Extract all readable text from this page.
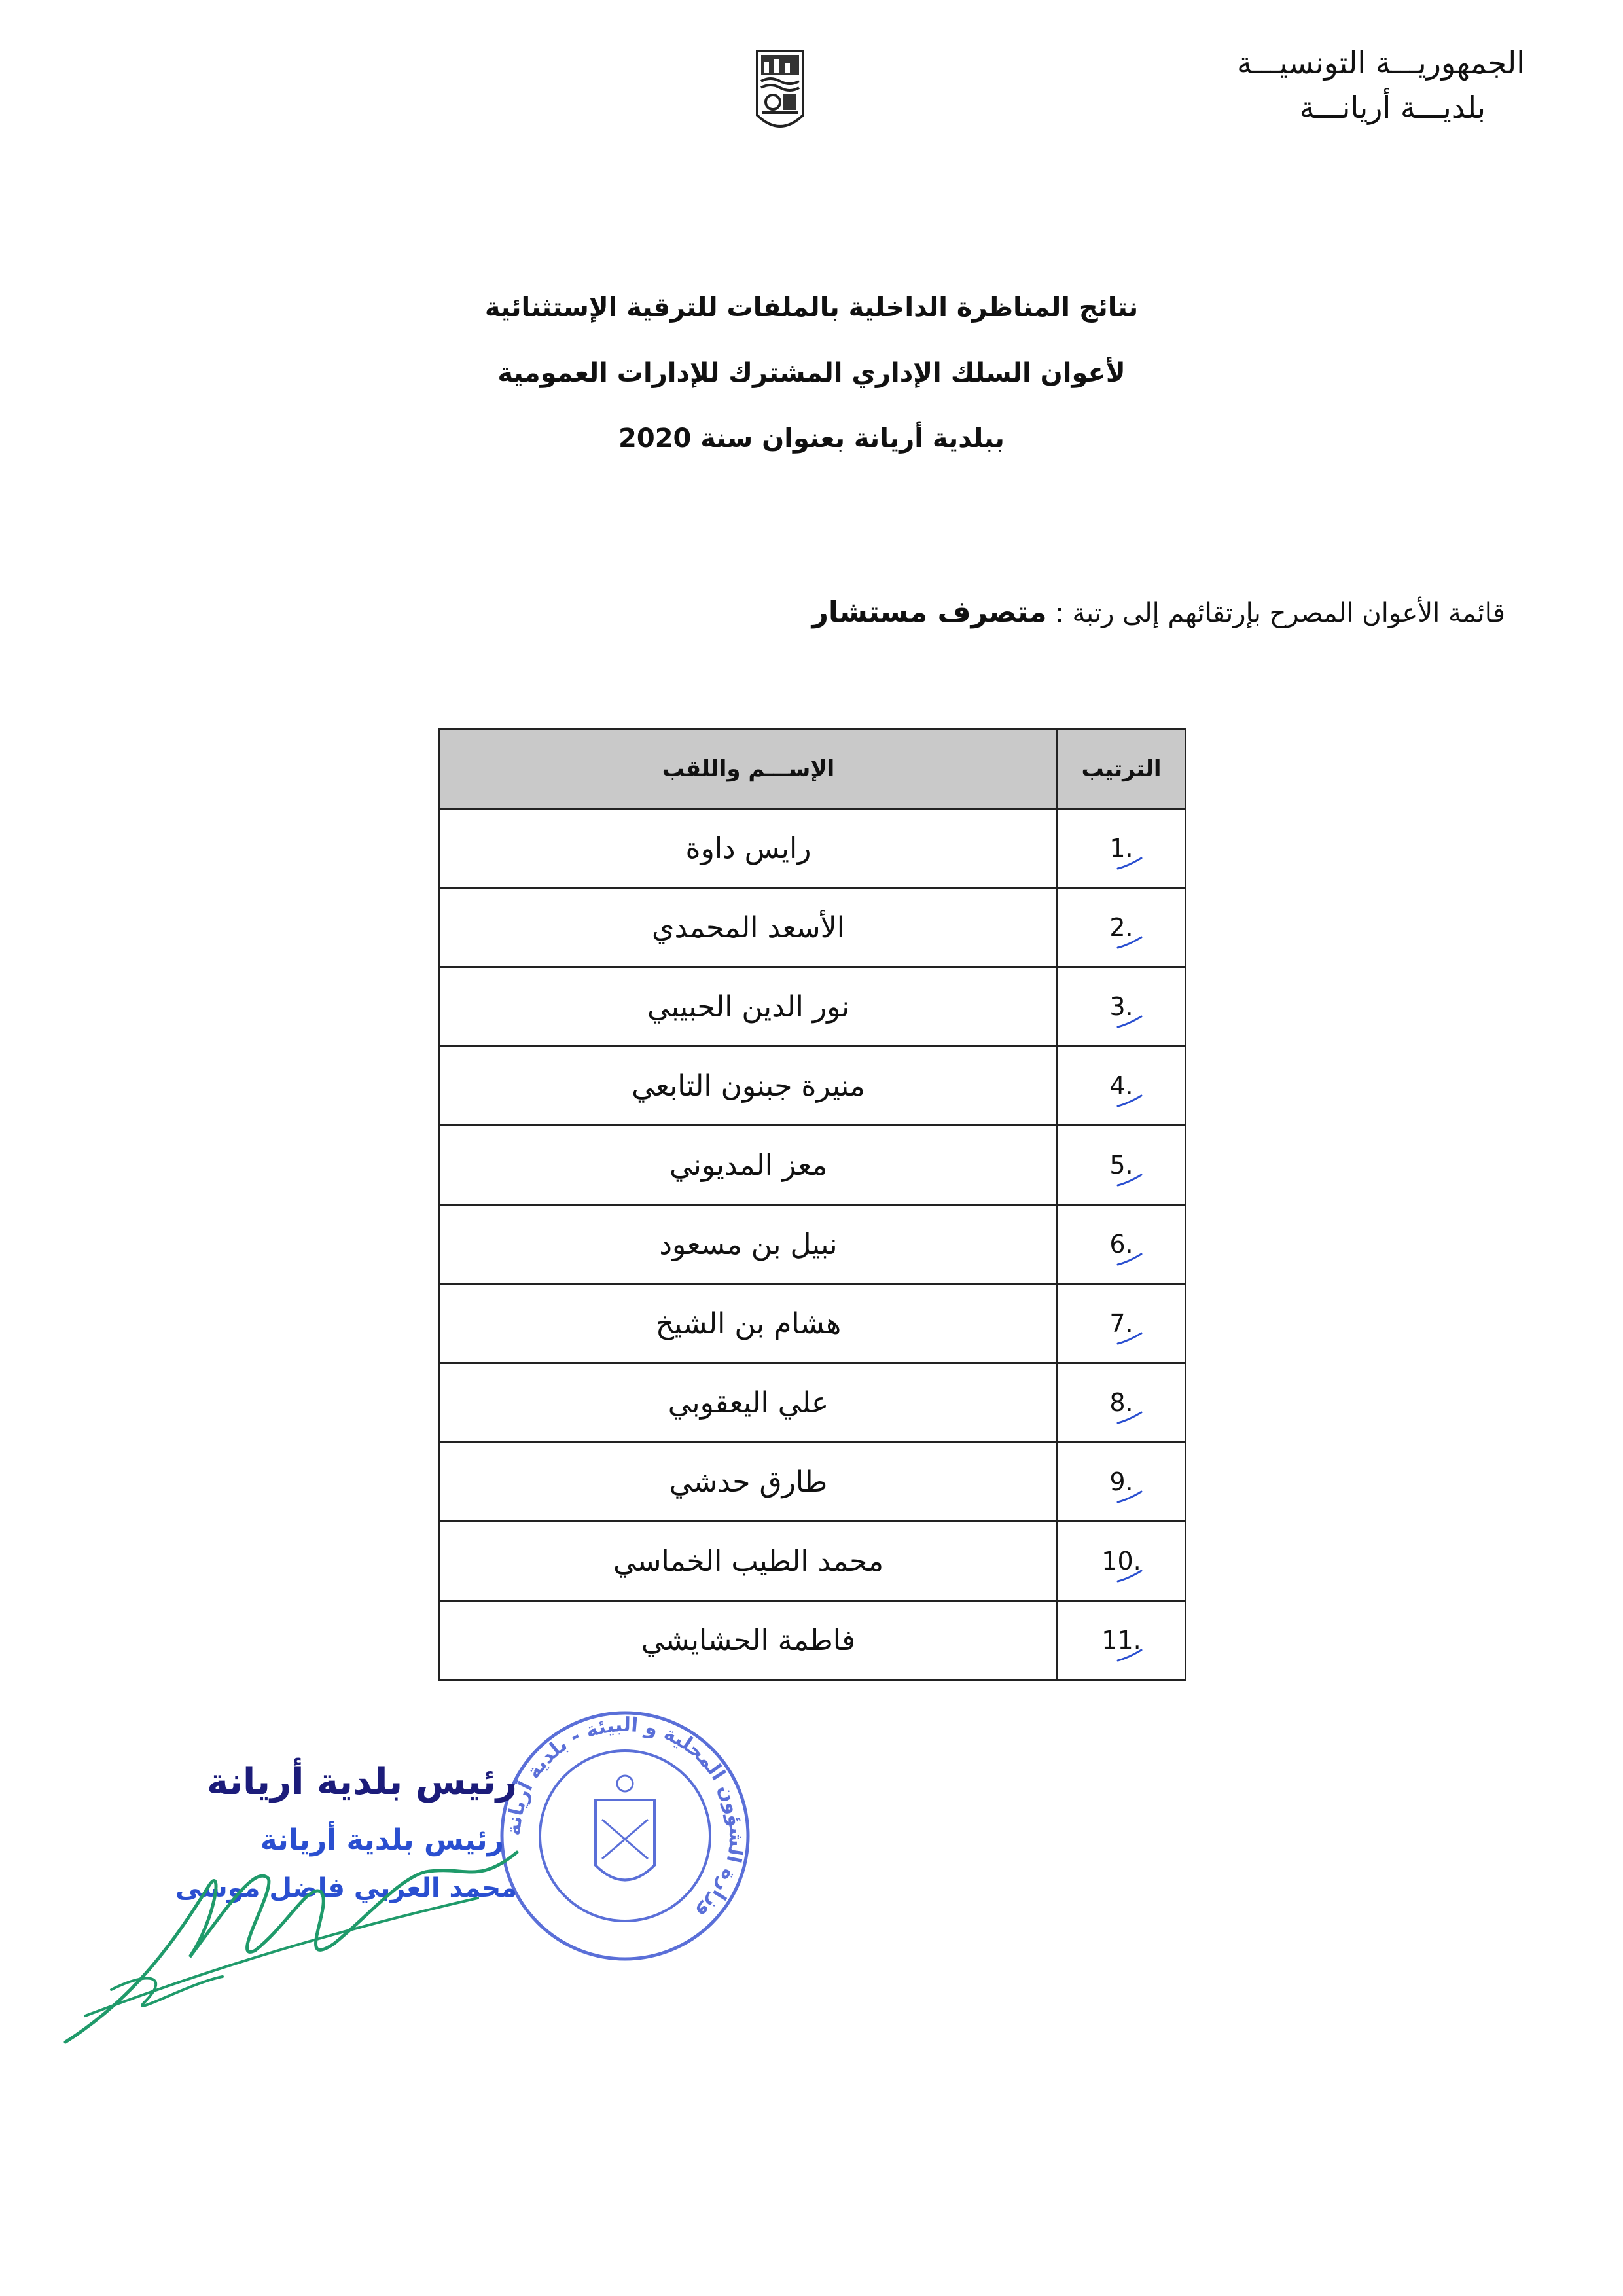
الجمهوريـــة التونسيـــة
بلديـــة أريانـــة
نتائج المناظرة الداخلية بالملفات للترقية الإستثنائية
لأعوان السلك الإداري المشترك للإدارات العمومية
ببلدية أريانة بعنوان سنة 2020
قائمة الأعوان المصرح بإرتقائهم إلى رتبة : متصرف مستشار
الترتيب	الإســـم واللقب
1.	رايس داوة
2.	الأسعد المحمدي
3.	نور الدين الحبيبي
4.	منيرة جبنون التابعي
5.	معز المديوني
6.	نبيل بن مسعود
7.	هشام بن الشيخ
8.	علي اليعقوبي
9.	طارق حدشي
10.	محمد الطيب الخماسي
11.	فاطمة الحشايشي
وزارة الشؤون المحلية و البيئة - بلدية أريانة
رئيس بلدية أريانة
رئيس بلدية أريانة
محمد العربي فاضل موسى
